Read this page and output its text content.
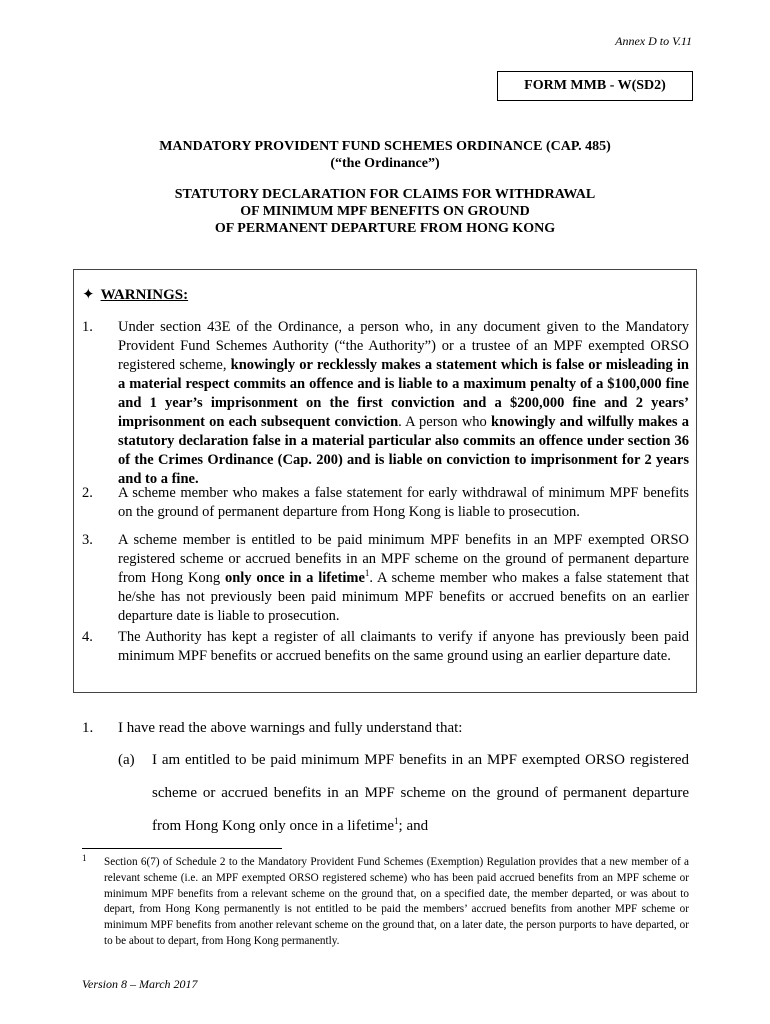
Annex D to V.11
FORM MMB - W(SD2)
MANDATORY PROVIDENT FUND SCHEMES ORDINANCE (CAP. 485)
(“the Ordinance”)
STATUTORY DECLARATION FOR CLAIMS FOR WITHDRAWAL
OF MINIMUM MPF BENEFITS ON GROUND
OF PERMANENT DEPARTURE FROM HONG KONG
✦ WARNINGS:
1. Under section 43E of the Ordinance, a person who, in any document given to the Mandatory Provident Fund Schemes Authority (“the Authority”) or a trustee of an MPF exempted ORSO registered scheme, knowingly or recklessly makes a statement which is false or misleading in a material respect commits an offence and is liable to a maximum penalty of a $100,000 fine and 1 year’s imprisonment on the first conviction and a $200,000 fine and 2 years’ imprisonment on each subsequent conviction. A person who knowingly and wilfully makes a statutory declaration false in a material particular also commits an offence under section 36 of the Crimes Ordinance (Cap. 200) and is liable on conviction to imprisonment for 2 years and to a fine.
2. A scheme member who makes a false statement for early withdrawal of minimum MPF benefits on the ground of permanent departure from Hong Kong is liable to prosecution.
3. A scheme member is entitled to be paid minimum MPF benefits in an MPF exempted ORSO registered scheme or accrued benefits in an MPF scheme on the ground of permanent departure from Hong Kong only once in a lifetime$^1$. A scheme member who makes a false statement that he/she has not previously been paid minimum MPF benefits or accrued benefits on an earlier departure date is liable to prosecution.
4. The Authority has kept a register of all claimants to verify if anyone has previously been paid minimum MPF benefits or accrued benefits on the same ground using an earlier departure date.
1. I have read the above warnings and fully understand that:
(a) I am entitled to be paid minimum MPF benefits in an MPF exempted ORSO registered scheme or accrued benefits in an MPF scheme on the ground of permanent departure from Hong Kong only once in a lifetime$^1$; and
1 Section 6(7) of Schedule 2 to the Mandatory Provident Fund Schemes (Exemption) Regulation provides that a new member of a relevant scheme (i.e. an MPF exempted ORSO registered scheme) who has been paid accrued benefits from an MPF scheme or minimum MPF benefits from a relevant scheme on the ground that, on a specified date, the member departed, or was about to depart, from Hong Kong permanently is not entitled to be paid the members’ accrued benefits from another MPF scheme or minimum MPF benefits from another relevant scheme on the ground that, on a later date, the person purports to have departed, or to be about to depart, from Hong Kong permanently.
Version 8 – March 2017
